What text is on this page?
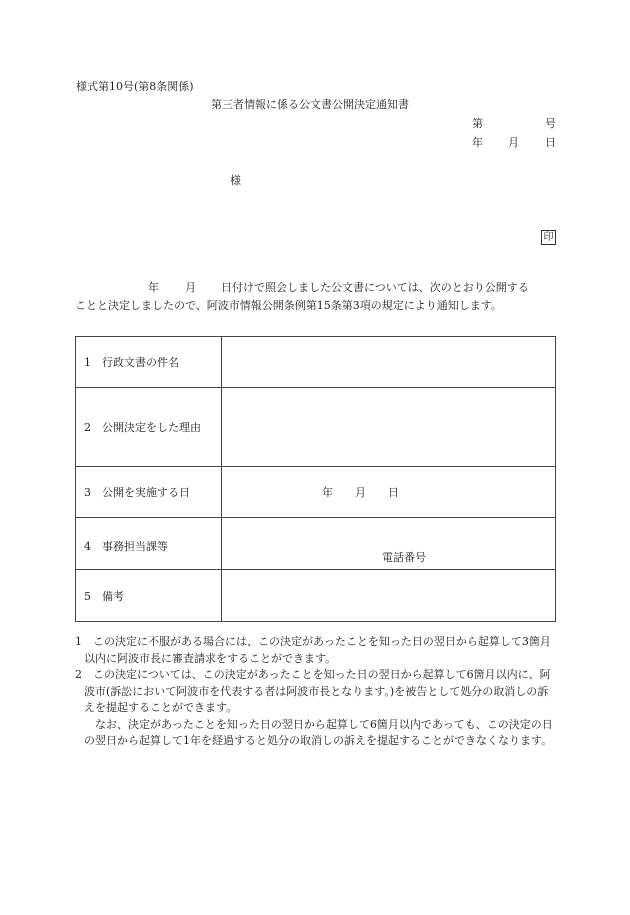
様式第10号(第8条関係)
第三者情報に係る公文書公開決定通知書
第	号
年 月 日
様
印
年 月 日付けで照会しました公文書については、次のとおり公開する
ことと決定しましたので、阿波市情報公開条例第15条第3項の規定により通知します。
1　行政文書の件名	
2　公開決定をした理由	
3　公開を実施する日	年　　月　　日
4　事務担当課等	電話番号
5　備考	

1　この決定に不服がある場合には、この決定があったことを知った日の翌日から起算して3箇月以内に阿波市長に審査請求をすることができます。

2　この決定については、この決定があったことを知った日の翌日から起算して6箇月以内に、阿波市(訴訟において阿波市を代表する者は阿波市長となります。)を被告として処分の取消しの訴えを提起することができます。

なお、決定があったことを知った日の翌日から起算して6箇月以内であっても、この決定の日の翌日から起算して1年を経過すると処分の取消しの訴えを提起することができなくなります。
